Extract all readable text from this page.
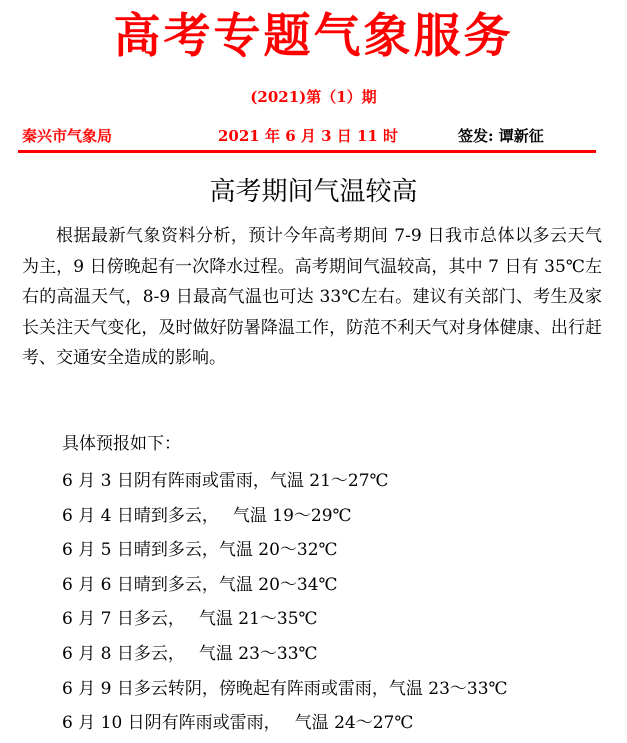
高考专题气象服务
(2021)第（1）期
秦兴市气象局	2021 年 6 月 3 日 11 时	签发: 谭新征
高考期间气温较高
根据最新气象资料分析，预计今年高考期间 7-9 日我市总体以多云天气为主，9 日傍晚起有一次降水过程。高考期间气温较高，其中 7 日有 35℃左右的高温天气，8-9 日最高气温也可达 33℃左右。建议有关部门、考生及家长关注天气变化，及时做好防暑降温工作，防范不利天气对身体健康、出行赶考、交通安全造成的影响。
具体预报如下：
6 月 3 日阴有阵雨或雷雨，气温 21～27℃
6 月 4 日晴到多云， 气温 19～29℃
6 月 5 日晴到多云，气温 20～32℃
6 月 6 日晴到多云，气温 20～34℃
6 月 7 日多云， 气温 21～35℃
6 月 8 日多云， 气温 23～33℃
6 月 9 日多云转阴，傍晚起有阵雨或雷雨，气温 23～33℃
6 月 10 日阴有阵雨或雷雨， 气温 24～27℃
